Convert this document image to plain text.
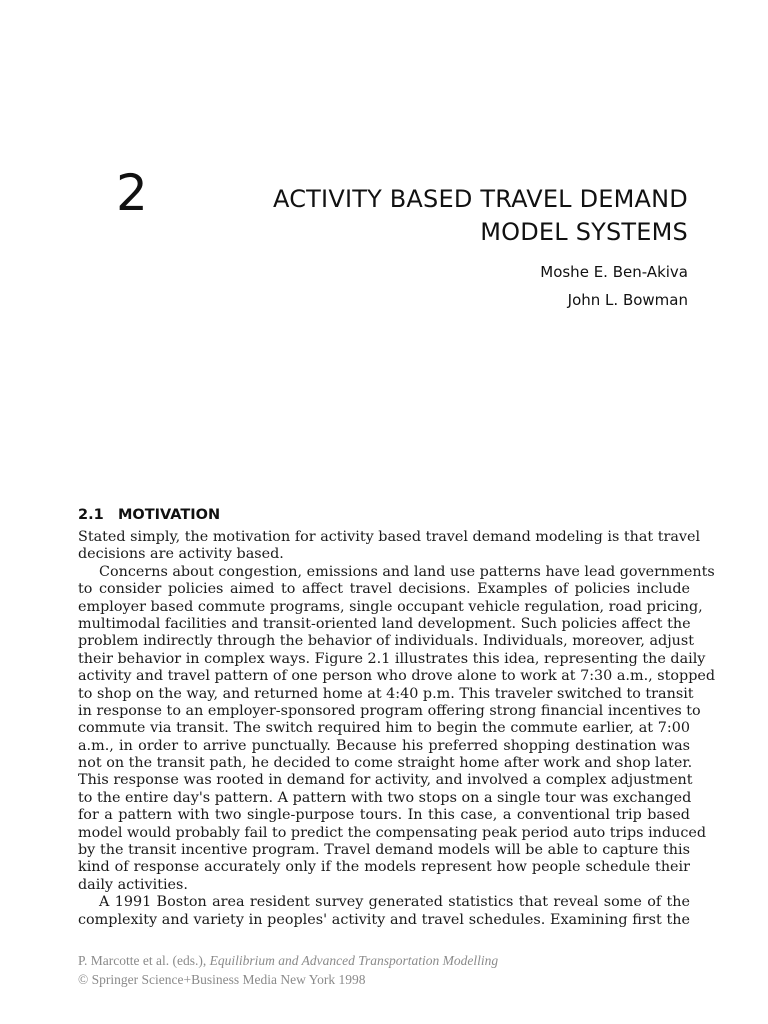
2	ACTIVITY BASED TRAVEL DEMAND
MODEL SYSTEMS
Moshe E. Ben-Akiva
John L. Bowman
2.1 MOTIVATION
Stated simply, the motivation for activity based travel demand modeling is that travel
decisions are activity based.
Concerns about congestion, emissions and land use patterns have lead governments
to consider policies aimed to affect travel decisions. Examples of policies include
employer based commute programs, single occupant vehicle regulation, road pricing,
multimodal facilities and transit-oriented land development. Such policies affect the
problem indirectly through the behavior of individuals. Individuals, moreover, adjust
their behavior in complex ways. Figure 2.1 illustrates this idea, representing the daily
activity and travel pattern of one person who drove alone to work at 7:30 a.m., stopped
to shop on the way, and returned home at 4:40 p.m. This traveler switched to transit
in response to an employer-sponsored program offering strong financial incentives to
commute via transit. The switch required him to begin the commute earlier, at 7:00
a.m., in order to arrive punctually. Because his preferred shopping destination was
not on the transit path, he decided to come straight home after work and shop later.
This response was rooted in demand for activity, and involved a complex adjustment
to the entire day's pattern. A pattern with two stops on a single tour was exchanged
for a pattern with two single-purpose tours. In this case, a conventional trip based
model would probably fail to predict the compensating peak period auto trips induced
by the transit incentive program. Travel demand models will be able to capture this
kind of response accurately only if the models represent how people schedule their
daily activities.
A 1991 Boston area resident survey generated statistics that reveal some of the
complexity and variety in peoples' activity and travel schedules. Examining first the
P. Marcotte et al. (eds.), Equilibrium and Advanced Transportation Modelling
© Springer Science+Business Media New York 1998
